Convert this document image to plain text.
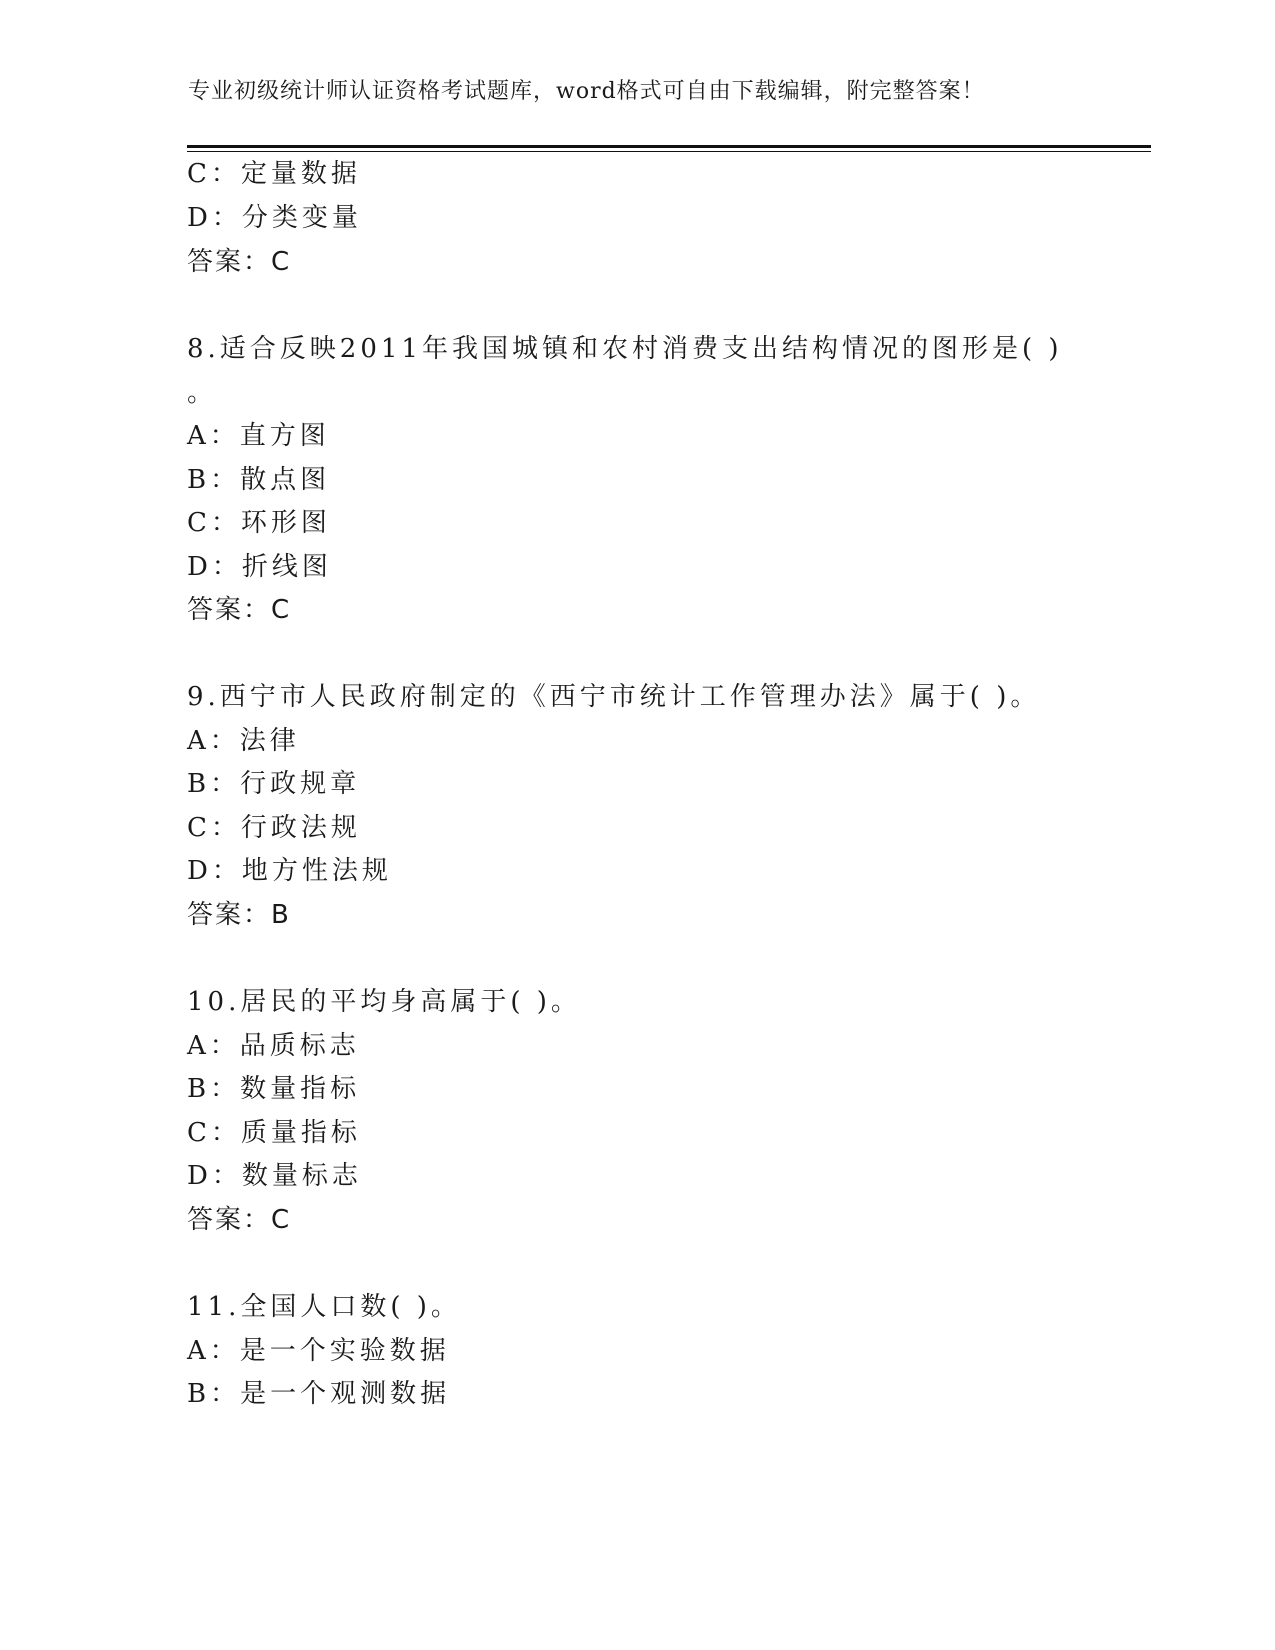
专业初级统计师认证资格考试题库，word格式可自由下载编辑，附完整答案！
C：定量数据
D：分类变量
答案：C
8.适合反映2011年我国城镇和农村消费支出结构情况的图形是( )
。
A：直方图
B：散点图
C：环形图
D：折线图
答案：C
9.西宁市人民政府制定的《西宁市统计工作管理办法》属于( )。
A：法律
B：行政规章
C：行政法规
D：地方性法规
答案：B
10.居民的平均身高属于( )。
A：品质标志
B：数量指标
C：质量指标
D：数量标志
答案：C
11.全国人口数( )。
A：是一个实验数据
B：是一个观测数据
